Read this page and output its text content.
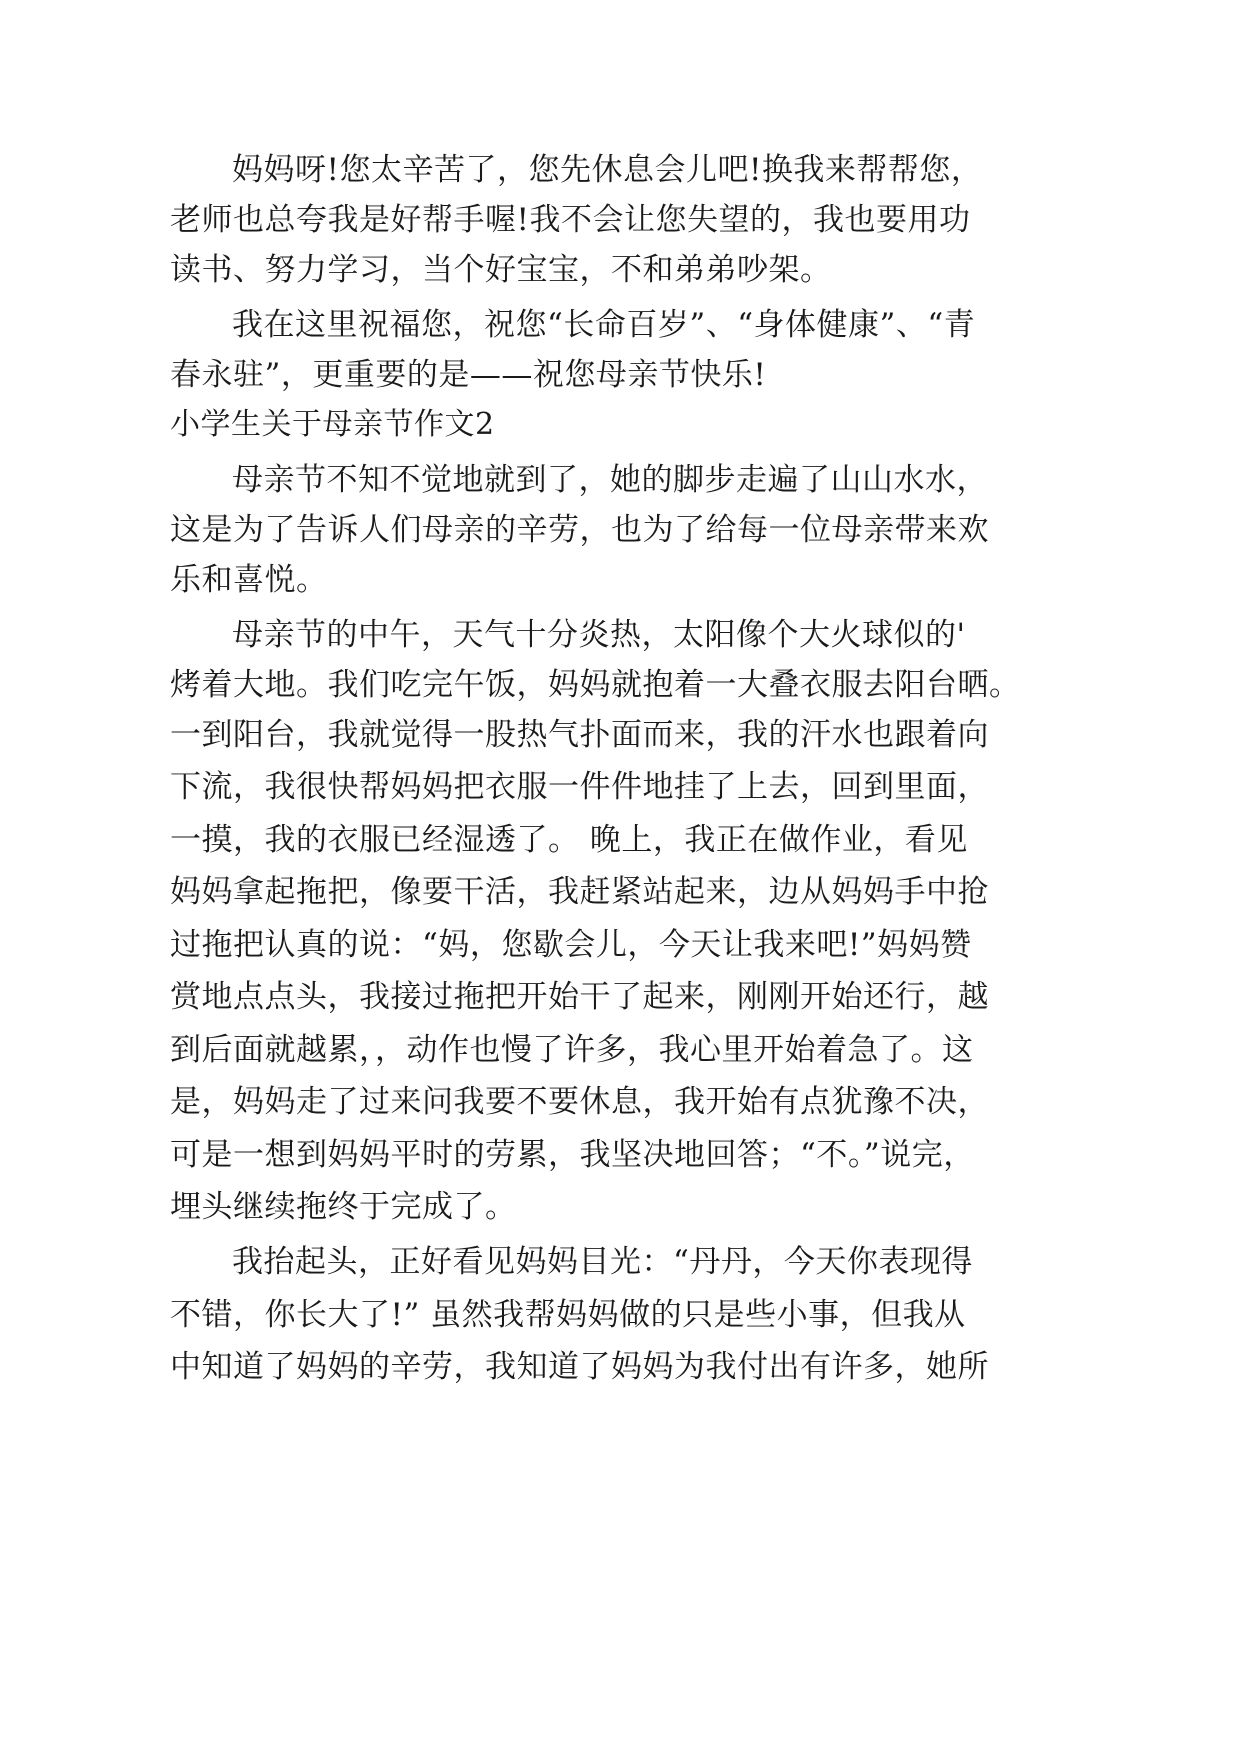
妈妈呀!您太辛苦了，您先休息会儿吧!换我来帮帮您，
老师也总夸我是好帮手喔!我不会让您失望的，我也要用功
读书、努力学习，当个好宝宝，不和弟弟吵架。
我在这里祝福您，祝您“长命百岁”、“身体健康”、“青
春永驻”，更重要的是——祝您母亲节快乐!
小学生关于母亲节作文2
母亲节不知不觉地就到了，她的脚步走遍了山山水水，
这是为了告诉人们母亲的辛劳，也为了给每一位母亲带来欢
乐和喜悦。
母亲节的中午，天气十分炎热，太阳像个大火球似的'
烤着大地。我们吃完午饭，妈妈就抱着一大叠衣服去阳台晒。
一到阳台，我就觉得一股热气扑面而来，我的汗水也跟着向
下流，我很快帮妈妈把衣服一件件地挂了上去，回到里面，
一摸，我的衣服已经湿透了。 晚上，我正在做作业，看见
妈妈拿起拖把，像要干活，我赶紧站起来，边从妈妈手中抢
过拖把认真的说：“妈，您歇会儿，今天让我来吧!”妈妈赞
赏地点点头，我接过拖把开始干了起来，刚刚开始还行，越
到后面就越累，，动作也慢了许多，我心里开始着急了。这
是，妈妈走了过来问我要不要休息，我开始有点犹豫不决，
可是一想到妈妈平时的劳累，我坚决地回答；“不。”说完，
埋头继续拖终于完成了。
我抬起头，正好看见妈妈目光：“丹丹，今天你表现得
不错，你长大了!” 虽然我帮妈妈做的只是些小事，但我从
中知道了妈妈的辛劳，我知道了妈妈为我付出有许多，她所
